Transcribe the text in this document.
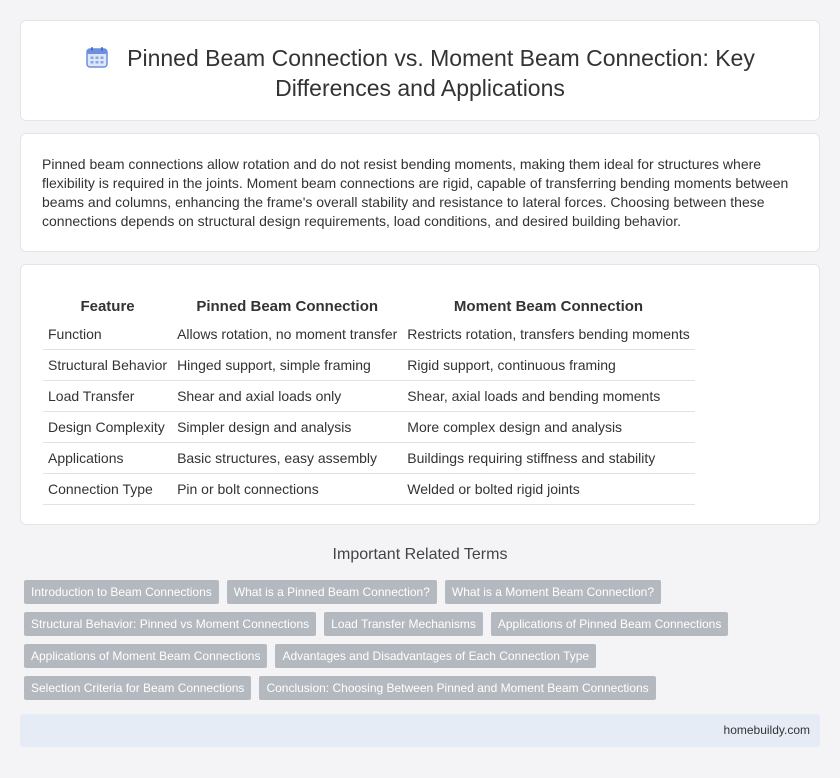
Pinned Beam Connection vs. Moment Beam Connection: Key Differences and Applications

Pinned beam connections allow rotation and do not resist bending moments, making them ideal for structures where flexibility is required in the joints. Moment beam connections are rigid, capable of transferring bending moments between beams and columns, enhancing the frame's overall stability and resistance to lateral forces. Choosing between these connections depends on structural design requirements, load conditions, and desired building behavior.

Feature	Pinned Beam Connection	Moment Beam Connection
Function	Allows rotation, no moment transfer	Restricts rotation, transfers bending moments
Structural Behavior	Hinged support, simple framing	Rigid support, continuous framing
Load Transfer	Shear and axial loads only	Shear, axial loads and bending moments
Design Complexity	Simpler design and analysis	More complex design and analysis
Applications	Basic structures, easy assembly	Buildings requiring stiffness and stability
Connection Type	Pin or bolt connections	Welded or bolted rigid joints
Important Related Terms
Introduction to Beam Connections	What is a Pinned Beam Connection?	What is a Moment Beam Connection?
Structural Behavior: Pinned vs Moment Connections	Load Transfer Mechanisms	Applications of Pinned Beam Connections
Applications of Moment Beam Connections	Advantages and Disadvantages of Each Connection Type
Selection Criteria for Beam Connections	Conclusion: Choosing Between Pinned and Moment Beam Connections
homebuildy.com
